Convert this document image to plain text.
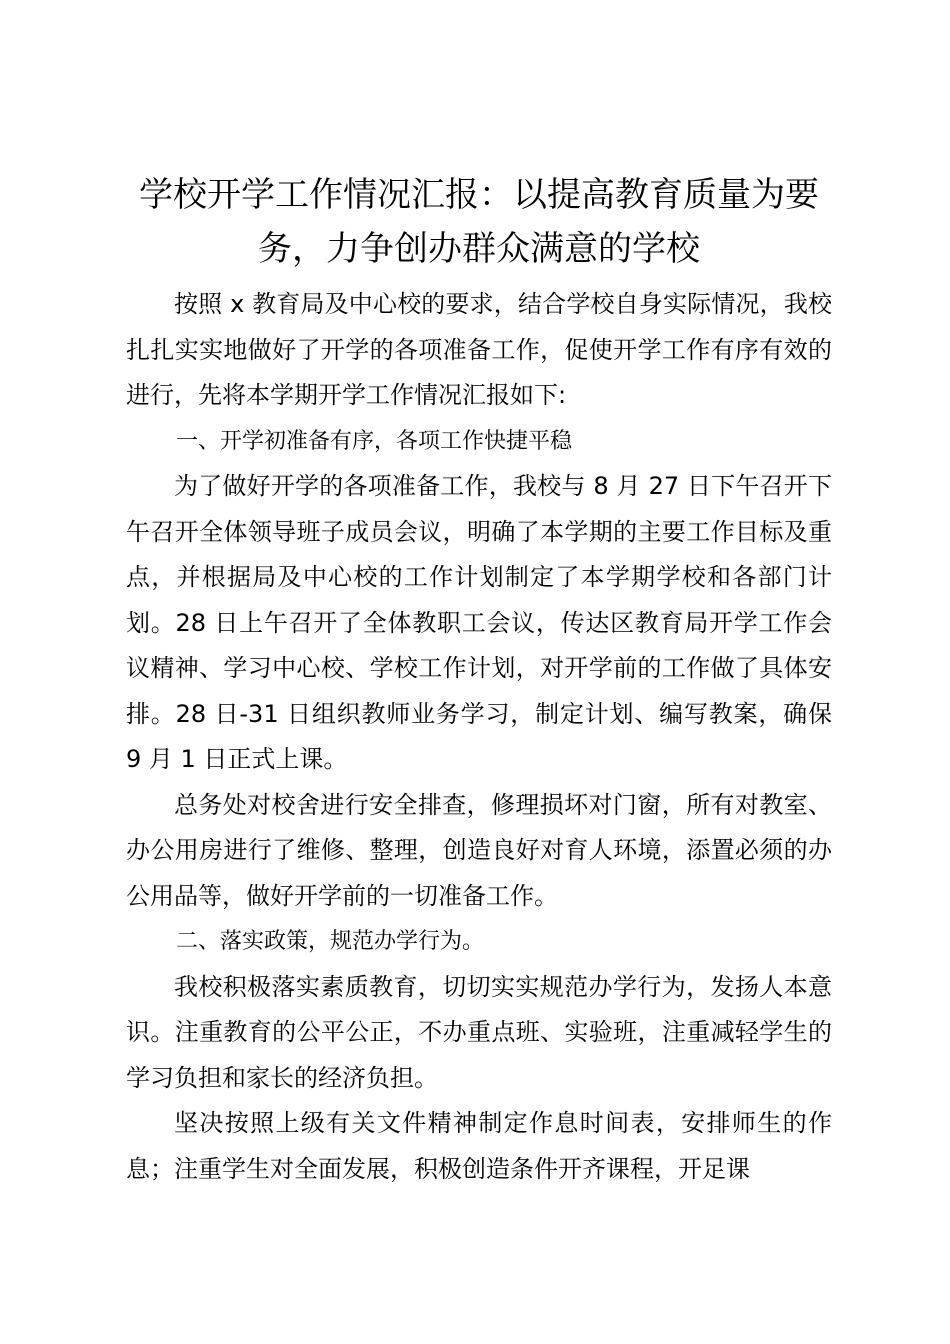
学校开学工作情况汇报：以提高教育质量为要务，力争创办群众满意的学校

按照 x 教育局及中心校的要求，结合学校自身实际情况，我校扎扎实实地做好了开学的各项准备工作，促使开学工作有序有效的进行，先将本学期开学工作情况汇报如下:

一、开学初准备有序，各项工作快捷平稳

为了做好开学的各项准备工作，我校与 8 月 27 日下午召开下午召开全体领导班子成员会议，明确了本学期的主要工作目标及重点，并根据局及中心校的工作计划制定了本学期学校和各部门计划。28 日上午召开了全体教职工会议，传达区教育局开学工作会议精神、学习中心校、学校工作计划，对开学前的工作做了具体安排。28 日-31 日组织教师业务学习，制定计划、编写教案，确保 9 月 1 日正式上课。

总务处对校舍进行安全排查，修理损坏对门窗，所有对教室、办公用房进行了维修、整理，创造良好对育人环境，添置必须的办公用品等，做好开学前的一切准备工作。

二、落实政策，规范办学行为。

我校积极落实素质教育，切切实实规范办学行为，发扬人本意识。注重教育的公平公正，不办重点班、实验班，注重减轻学生的学习负担和家长的经济负担。

坚决按照上级有关文件精神制定作息时间表，安排师生的作息；注重学生对全面发展，积极创造条件开齐课程，开足课
